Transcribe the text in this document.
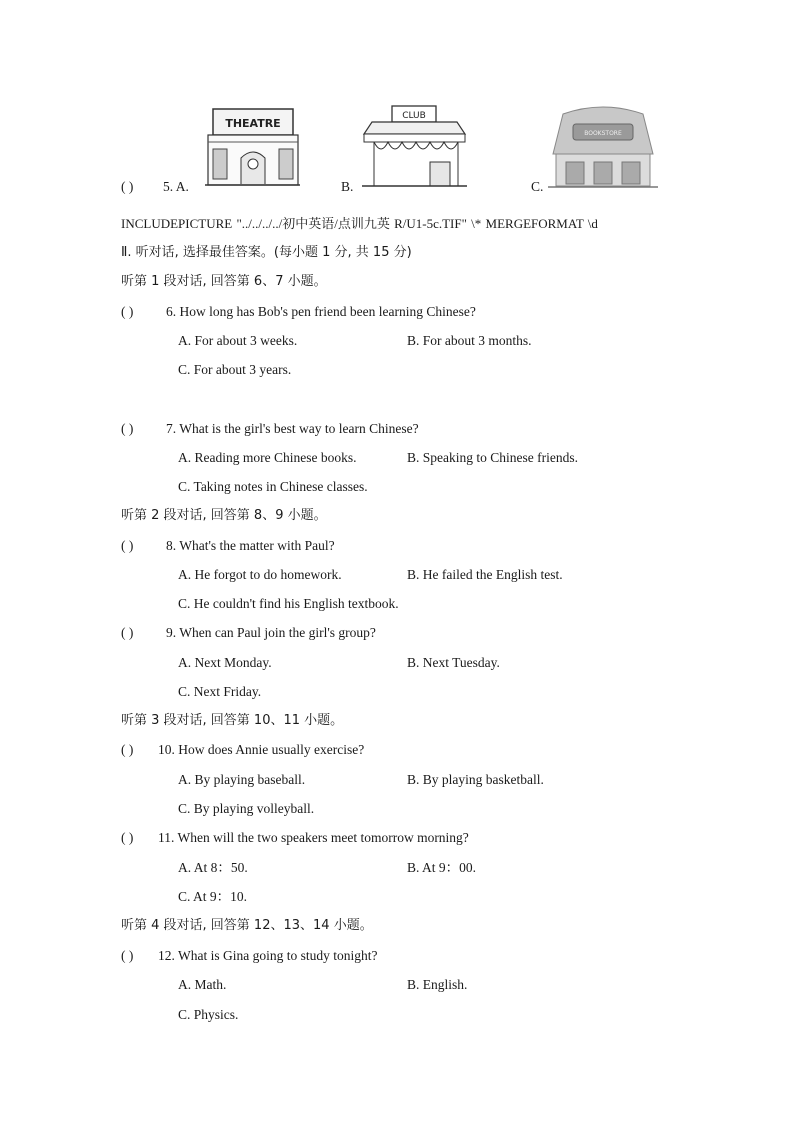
( ) 5. A.
THEATRE
B.
CLUB
C.
BOOKSTORE
INCLUDEPICTURE "../../../../初中英语/点训九英 R/U1-5c.TIF" \* MERGEFORMAT \d
Ⅱ. 听对话, 选择最佳答案。(每小题 1 分, 共 15 分)
听第 1 段对话, 回答第 6、7 小题。
( ) 6. How long has Bob's pen friend been learning Chinese?
A. For about 3 weeks.	B. For about 3 months.
C. For about 3 years.
( ) 7. What is the girl's best way to learn Chinese?
A. Reading more Chinese books.	B. Speaking to Chinese friends.
C. Taking notes in Chinese classes.
听第 2 段对话, 回答第 8、9 小题。
( ) 8. What's the matter with Paul?
A. He forgot to do homework.	B. He failed the English test.
C. He couldn't find his English textbook.
( ) 9. When can Paul join the girl's group?
A. Next Monday.	B. Next Tuesday.
C. Next Friday.
听第 3 段对话, 回答第 10、11 小题。
( ) 10. How does Annie usually exercise?
A. By playing baseball.	B. By playing basketball.
C. By playing volleyball.
( ) 11. When will the two speakers meet tomorrow morning?
A. At 8：50.	B. At 9：00.
C. At 9：10.
听第 4 段对话, 回答第 12、13、14 小题。
( ) 12. What is Gina going to study tonight?
A. Math.	B. English.
C. Physics.
